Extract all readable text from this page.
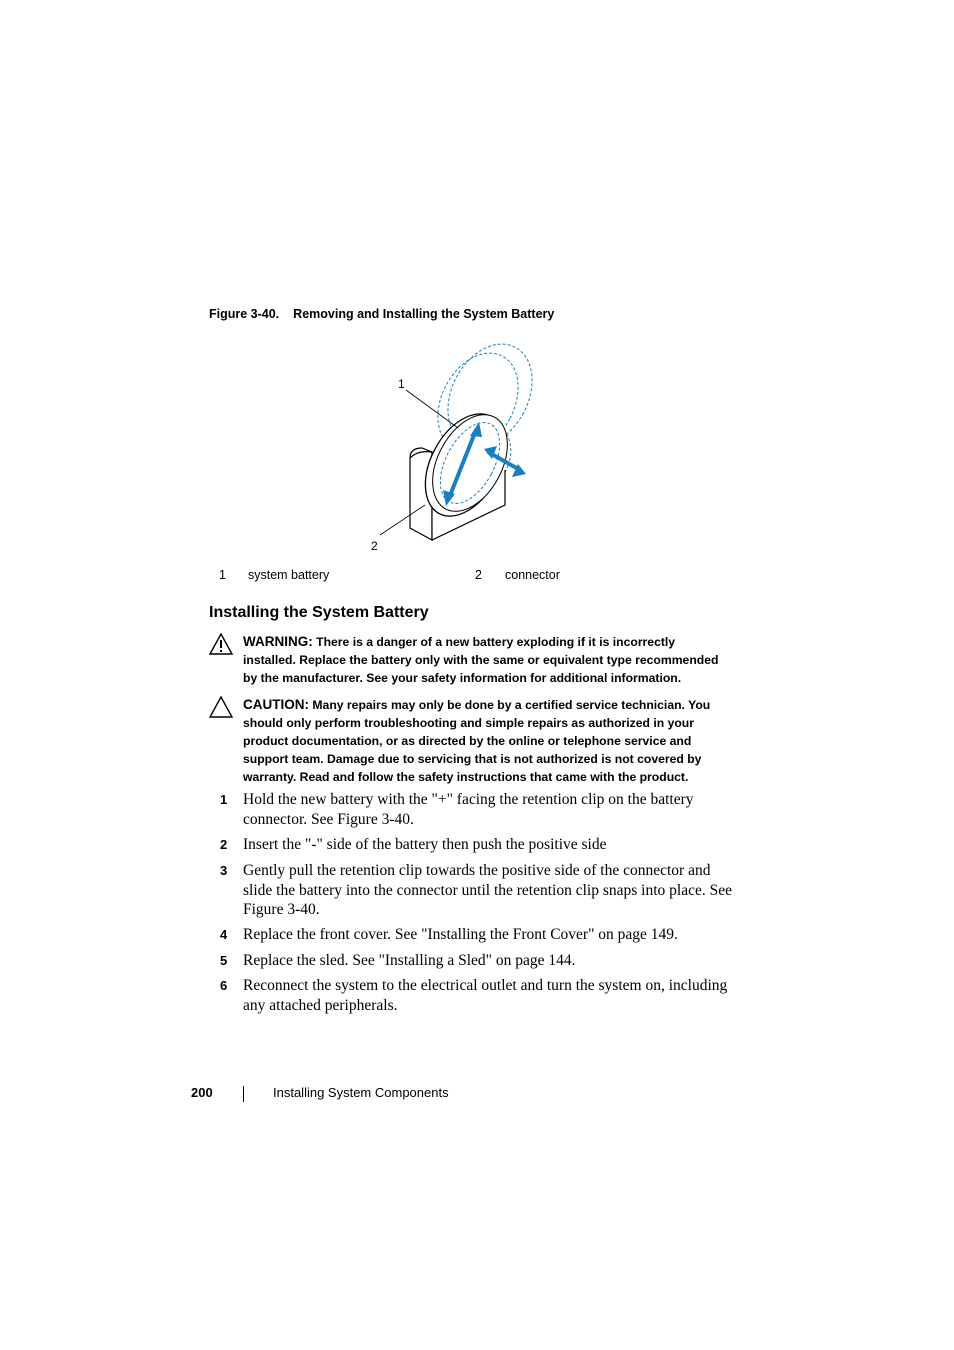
Figure 3-40. Removing and Installing the System Battery
1
2
1 system battery	2 connector
Installing the System Battery
WARNING: There is a danger of a new battery exploding if it is incorrectly installed. Replace the battery only with the same or equivalent type recommended by the manufacturer. See your safety information for additional information.
CAUTION: Many repairs may only be done by a certified service technician. You should only perform troubleshooting and simple repairs as authorized in your product documentation, or as directed by the online or telephone service and support team. Damage due to servicing that is not authorized is not covered by warranty. Read and follow the safety instructions that came with the product.
1 Hold the new battery with the "+" facing the retention clip on the battery connector. See Figure 3-40.
2 Insert the "-" side of the battery then push the positive side
3 Gently pull the retention clip towards the positive side of the connector and slide the battery into the connector until the retention clip snaps into place. See Figure 3-40.
4 Replace the front cover. See "Installing the Front Cover" on page 149.
5 Replace the sled. See "Installing a Sled" on page 144.
6 Reconnect the system to the electrical outlet and turn the system on, including any attached peripherals.
200	Installing System Components
